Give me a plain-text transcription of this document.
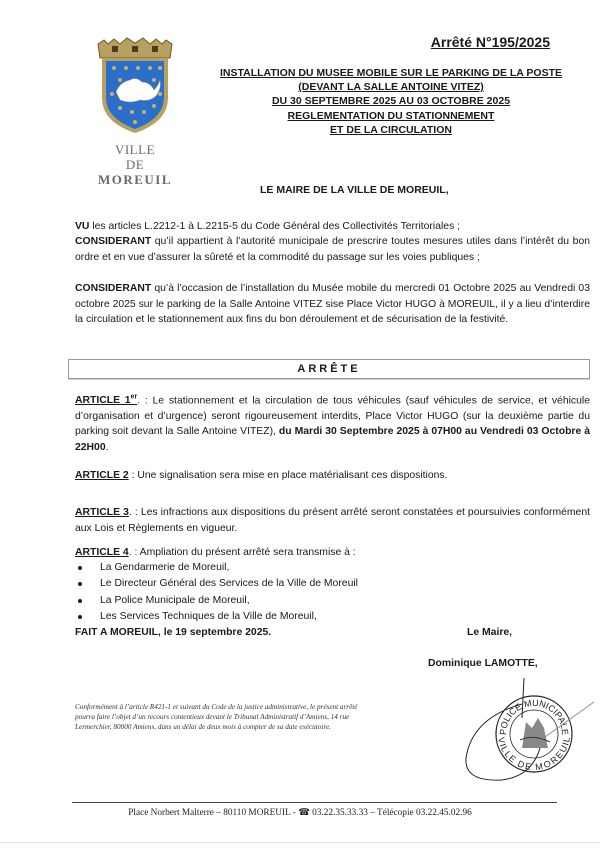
VILLE
DE
MOREUIL
Arrêté N°195/2025
INSTALLATION DU MUSEE MOBILE SUR LE PARKING DE LA POSTE
(DEVANT LA SALLE ANTOINE VITEZ)
DU 30 SEPTEMBRE 2025 AU 03 OCTOBRE 2025
REGLEMENTATION DU STATIONNEMENT
ET DE LA CIRCULATION
LE MAIRE DE LA VILLE DE MOREUIL,
VU les articles L.2212-1 à L.2215-5 du Code Général des Collectivités Territoriales ;
CONSIDERANT qu’il appartient à l’autorité municipale de prescrire toutes mesures utiles dans l’intérêt du bon ordre et en vue d’assurer la sûreté et la commodité du passage sur les voies publiques ;
CONSIDERANT qu’à l’occasion de l’installation du Musée mobile du mercredi 01 Octobre 2025 au Vendredi 03 octobre 2025 sur le parking de la Salle Antoine VITEZ sise Place Victor HUGO à MOREUIL, il y a lieu d’interdire la circulation et le stationnement aux fins du bon déroulement et de sécurisation de la festivité.
ARRÊTE
ARTICLE 1er. : Le stationnement et la circulation de tous véhicules (sauf véhicules de service, et véhicule d’organisation et d’urgence) seront rigoureusement interdits, Place Victor HUGO (sur la deuxième partie du parking soit devant la Salle Antoine VITEZ), du Mardi 30 Septembre 2025 à 07H00 au Vendredi 03 Octobre à 22H00.
ARTICLE 2 : Une signalisation sera mise en place matérialisant ces dispositions.
ARTICLE 3. : Les infractions aux dispositions du présent arrêté seront constatées et poursuivies conformément aux Lois et Règlements en vigueur.
ARTICLE 4. : Ampliation du présent arrêté sera transmise à :
La Gendarmerie de Moreuil,
Le Directeur Général des Services de la Ville de Moreuil
La Police Municipale de Moreuil,
Les Services Techniques de la Ville de Moreuil,
FAIT A MOREUIL, le 19 septembre 2025.	Le Maire,
Dominique LAMOTTE,
Conformément à l’article R421-1 et suivant du Code de la justice administrative, le présent arrêté pourra faire l’objet d’un recours contentieux devant le Tribunal Administratif d’Amiens, 14 rue Lermerchier, 80000 Amiens, dans un délai de deux mois à compter de sa date exécutoire.
POLICE MUNICIPALE
VILLE DE MOREUIL
Place Norbert Malterre – 80110 MOREUIL - ☎ 03.22.35.33.33 – Télécopie 03.22.45.02.96
